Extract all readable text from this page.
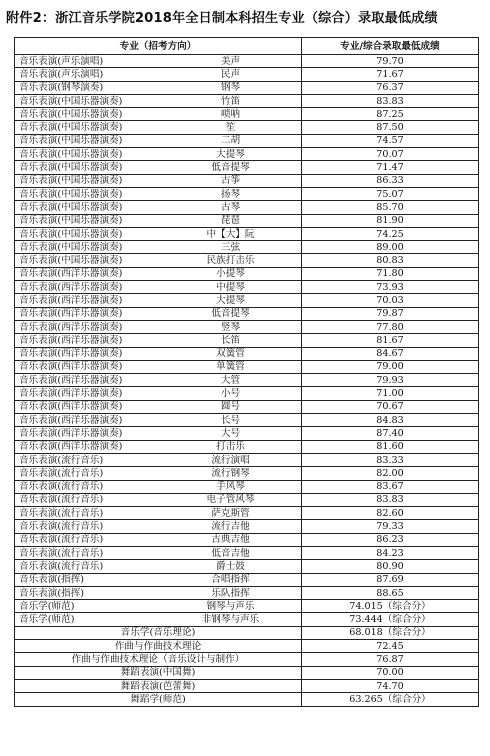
附件2：浙江音乐学院2018年全日制本科招生专业（综合）录取最低成绩
专业（招考方向）	专业/综合录取最低成绩

音乐表演(声乐演唱) 美声	79.70

音乐表演(声乐演唱) 民声	71.67

音乐表演(钢琴演奏) 钢琴	76.37

音乐表演(中国乐器演奏) 竹笛	83.83

音乐表演(中国乐器演奏) 唢呐	87.25

音乐表演(中国乐器演奏) 笙	87.50

音乐表演(中国乐器演奏) 二胡	74.57

音乐表演(中国乐器演奏) 大提琴	70.07

音乐表演(中国乐器演奏) 低音提琴	71.47

音乐表演(中国乐器演奏) 古筝	86.33

音乐表演(中国乐器演奏) 扬琴	75.07

音乐表演(中国乐器演奏) 古琴	85.70

音乐表演(中国乐器演奏) 琵琶	81.90

音乐表演(中国乐器演奏) 中【大】阮	74.25

音乐表演(中国乐器演奏) 三弦	89.00

音乐表演(中国乐器演奏) 民族打击乐	80.83

音乐表演(西洋乐器演奏) 小提琴	71.80

音乐表演(西洋乐器演奏) 中提琴	73.93

音乐表演(西洋乐器演奏) 大提琴	70.03

音乐表演(西洋乐器演奏) 低音提琴	79.87

音乐表演(西洋乐器演奏) 竖琴	77.80

音乐表演(西洋乐器演奏) 长笛	81.67

音乐表演(西洋乐器演奏) 双簧管	84.67

音乐表演(西洋乐器演奏) 单簧管	79.00

音乐表演(西洋乐器演奏) 大管	79.93

音乐表演(西洋乐器演奏) 小号	71.00

音乐表演(西洋乐器演奏) 圆号	70.67

音乐表演(西洋乐器演奏) 长号	84.83

音乐表演(西洋乐器演奏) 大号	87.40

音乐表演(西洋乐器演奏) 打击乐	81.60

音乐表演(流行音乐) 流行演唱	83.33

音乐表演(流行音乐) 流行钢琴	82.00

音乐表演(流行音乐) 手风琴	83.67

音乐表演(流行音乐) 电子管风琴	83.83

音乐表演(流行音乐) 萨克斯管	82.60

音乐表演(流行音乐) 流行吉他	79.33

音乐表演(流行音乐) 古典吉他	86.23

音乐表演(流行音乐) 低音吉他	84.23

音乐表演(流行音乐) 爵士鼓	80.90

音乐表演(指挥) 合唱指挥	87.69

音乐表演(指挥) 乐队指挥	88.65

音乐学(师范) 钢琴与声乐	74.015（综合分）

音乐学(师范) 非钢琴与声乐	73.444（综合分）
音乐学(音乐理论)	68.018（综合分）
作曲与作曲技术理论	72.45
作曲与作曲技术理论（音乐设计与制作）	76.87
舞蹈表演(中国舞)	70.00
舞蹈表演(芭蕾舞)	74.70
舞蹈学(师范)	63.265（综合分）
